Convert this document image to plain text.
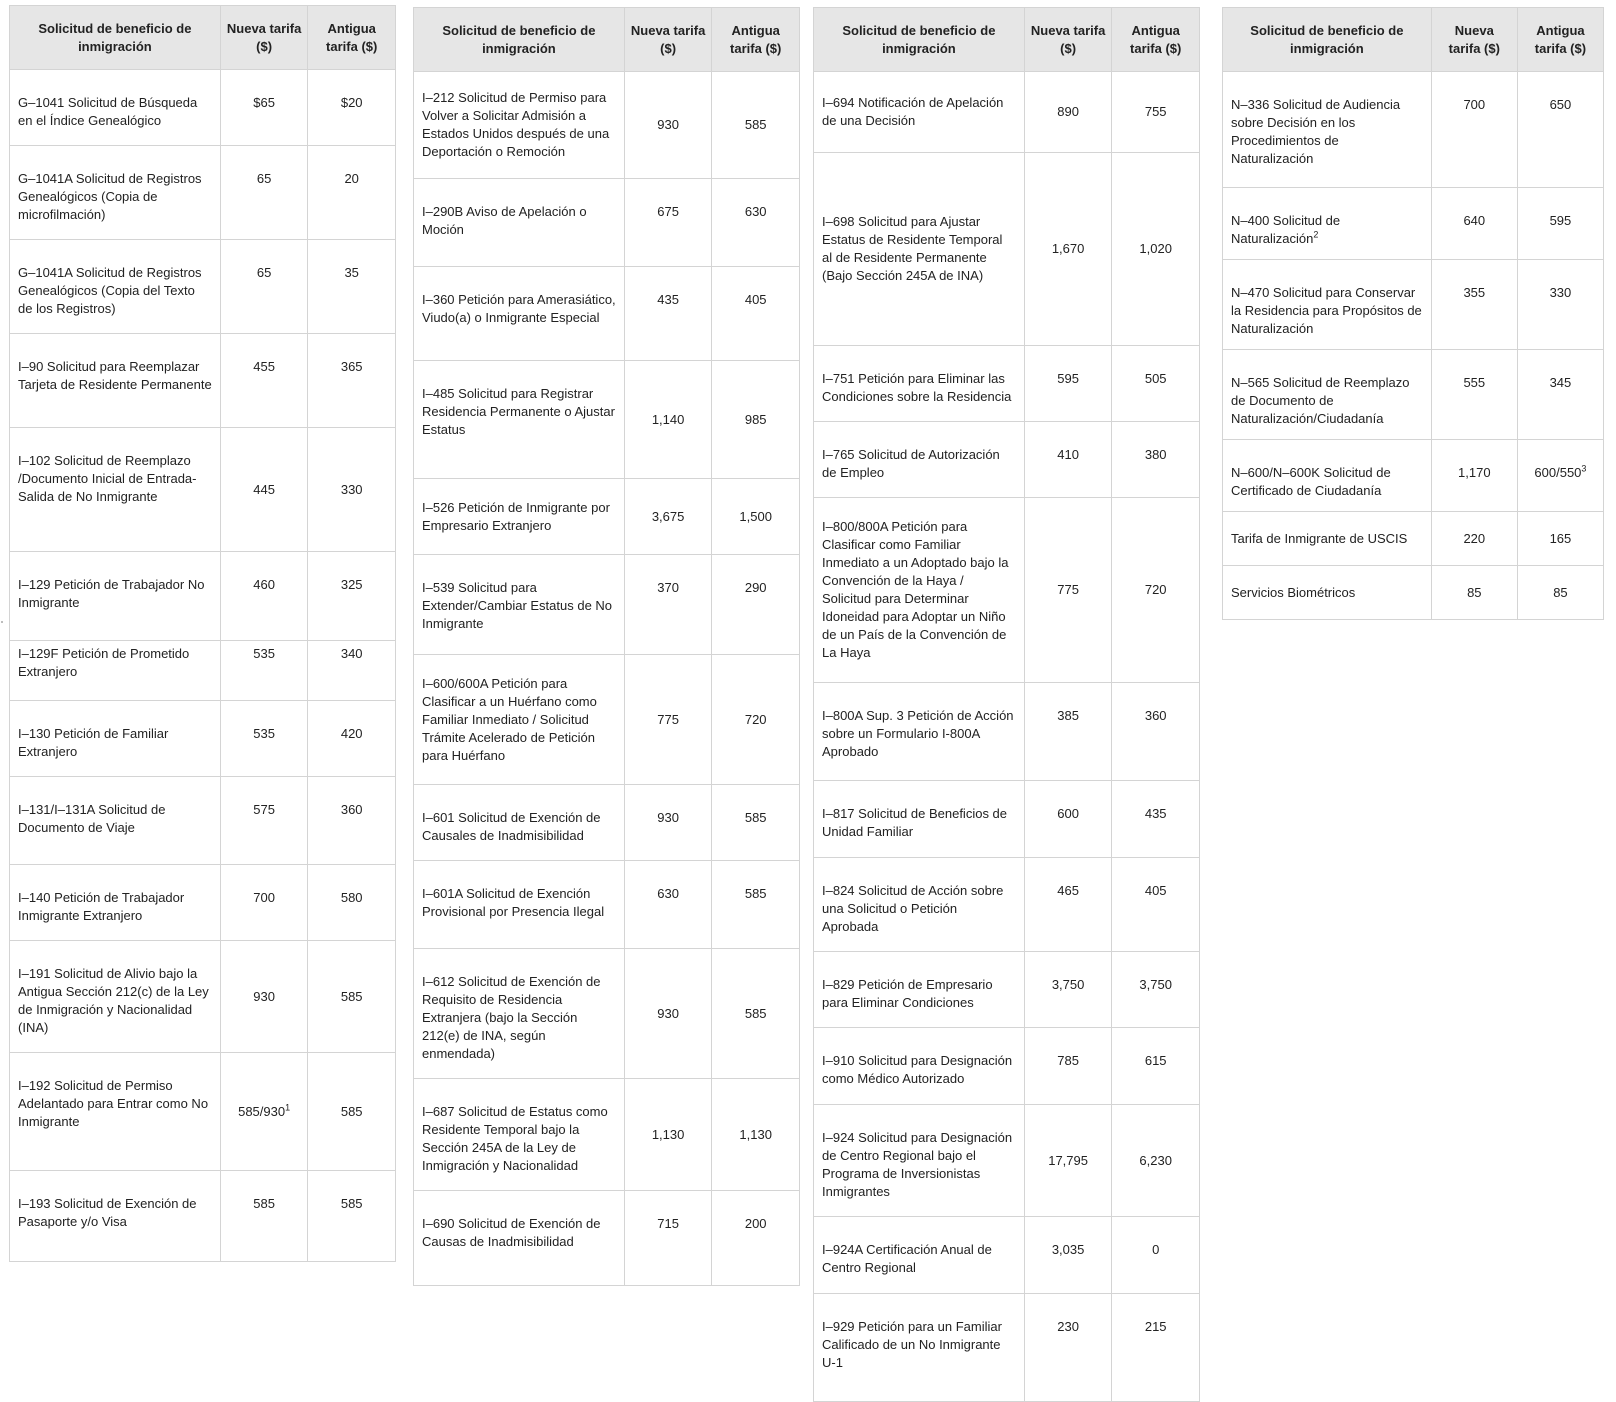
Solicitud de beneficio de inmigración	Nueva tarifa ($)	Antigua tarifa ($)
G–1041 Solicitud de Búsqueda en el Índice Genealógico	$65	$20
G–1041A Solicitud de Registros Genealógicos (Copia de microfilmación)	65	20
G–1041A Solicitud de Registros Genealógicos (Copia del Texto de los Registros)	65	35
I–90 Solicitud para Reemplazar Tarjeta de Residente Permanente	455	365
I–102 Solicitud de Reemplazo /Documento Inicial de Entrada-Salida de No Inmigrante	445	330
I–129 Petición de Trabajador No Inmigrante	460	325
I–129F Petición de Prometido Extranjero	535	340
I–130 Petición de Familiar Extranjero	535	420
I–131/I–131A Solicitud de Documento de Viaje	575	360
I–140 Petición de Trabajador Inmigrante Extranjero	700	580
I–191 Solicitud de Alivio bajo la Antigua Sección 212(c) de la Ley de Inmigración y Nacionalidad (INA)	930	585
I–192 Solicitud de Permiso Adelantado para Entrar como No Inmigrante	$585/930^1$	585
I–193 Solicitud de Exención de Pasaporte y/o Visa	585	585
Solicitud de beneficio de inmigración	Nueva tarifa ($)	Antigua tarifa ($)
I–212 Solicitud de Permiso para Volver a Solicitar Admisión a Estados Unidos después de una Deportación o Remoción	930	585
I–290B Aviso de Apelación o Moción	675	630
I–360 Petición para Amerasiático, Viudo(a) o Inmigrante Especial	435	405
I–485 Solicitud para Registrar Residencia Permanente o Ajustar Estatus	1,140	985
I–526 Petición de Inmigrante por Empresario Extranjero	3,675	1,500
I–539 Solicitud para Extender/Cambiar Estatus de No Inmigrante	370	290
I–600/600A Petición para Clasificar a un Huérfano como Familiar Inmediato / Solicitud Trámite Acelerado de Petición para Huérfano	775	720
I–601 Solicitud de Exención de Causales de Inadmisibilidad	930	585
I–601A Solicitud de Exención Provisional por Presencia Ilegal	630	585
I–612 Solicitud de Exención de Requisito de Residencia Extranjera (bajo la Sección 212(e) de INA, según enmendada)	930	585
I–687 Solicitud de Estatus como Residente Temporal bajo la Sección 245A de la Ley de Inmigración y Nacionalidad	1,130	1,130
I–690 Solicitud de Exención de Causas de Inadmisibilidad	715	200
Solicitud de beneficio de inmigración	Nueva tarifa ($)	Antigua tarifa ($)
I–694 Notificación de Apelación de una Decisión	890	755
I–698 Solicitud para Ajustar Estatus de Residente Temporal al de Residente Permanente (Bajo Sección 245A de INA)	1,670	1,020
I–751 Petición para Eliminar las Condiciones sobre la Residencia	595	505
I–765 Solicitud de Autorización de Empleo	410	380
I–800/800A Petición para Clasificar como Familiar Inmediato a un Adoptado bajo la Convención de la Haya / Solicitud para Determinar Idoneidad para Adoptar un Niño de un País de la Convención de La Haya	775	720
I–800A Sup. 3 Petición de Acción sobre un Formulario I-800A Aprobado	385	360
I–817 Solicitud de Beneficios de Unidad Familiar	600	435
I–824 Solicitud de Acción sobre una Solicitud o Petición Aprobada	465	405
I–829 Petición de Empresario para Eliminar Condiciones	3,750	3,750
I–910 Solicitud para Designación como Médico Autorizado	785	615
I–924 Solicitud para Designación de Centro Regional bajo el Programa de Inversionistas Inmigrantes	17,795	6,230
I–924A Certificación Anual de Centro Regional	3,035	0
I–929 Petición para un Familiar Calificado de un No Inmigrante U-1	230	215
Solicitud de beneficio de inmigración	Nueva tarifa ($)	Antigua tarifa ($)
N–336 Solicitud de Audiencia sobre Decisión en los Procedimientos de Naturalización	700	650
N–400 Solicitud de Naturalización$^2$	640	595
N–470 Solicitud para Conservar la Residencia para Propósitos de Naturalización	355	330
N–565 Solicitud de Reemplazo de Documento de Naturalización/Ciudadanía	555	345
N–600/N–600K Solicitud de Certificado de Ciudadanía	1,170	$600/550^3$
Tarifa de Inmigrante de USCIS	220	165
Servicios Biométricos	85	85
